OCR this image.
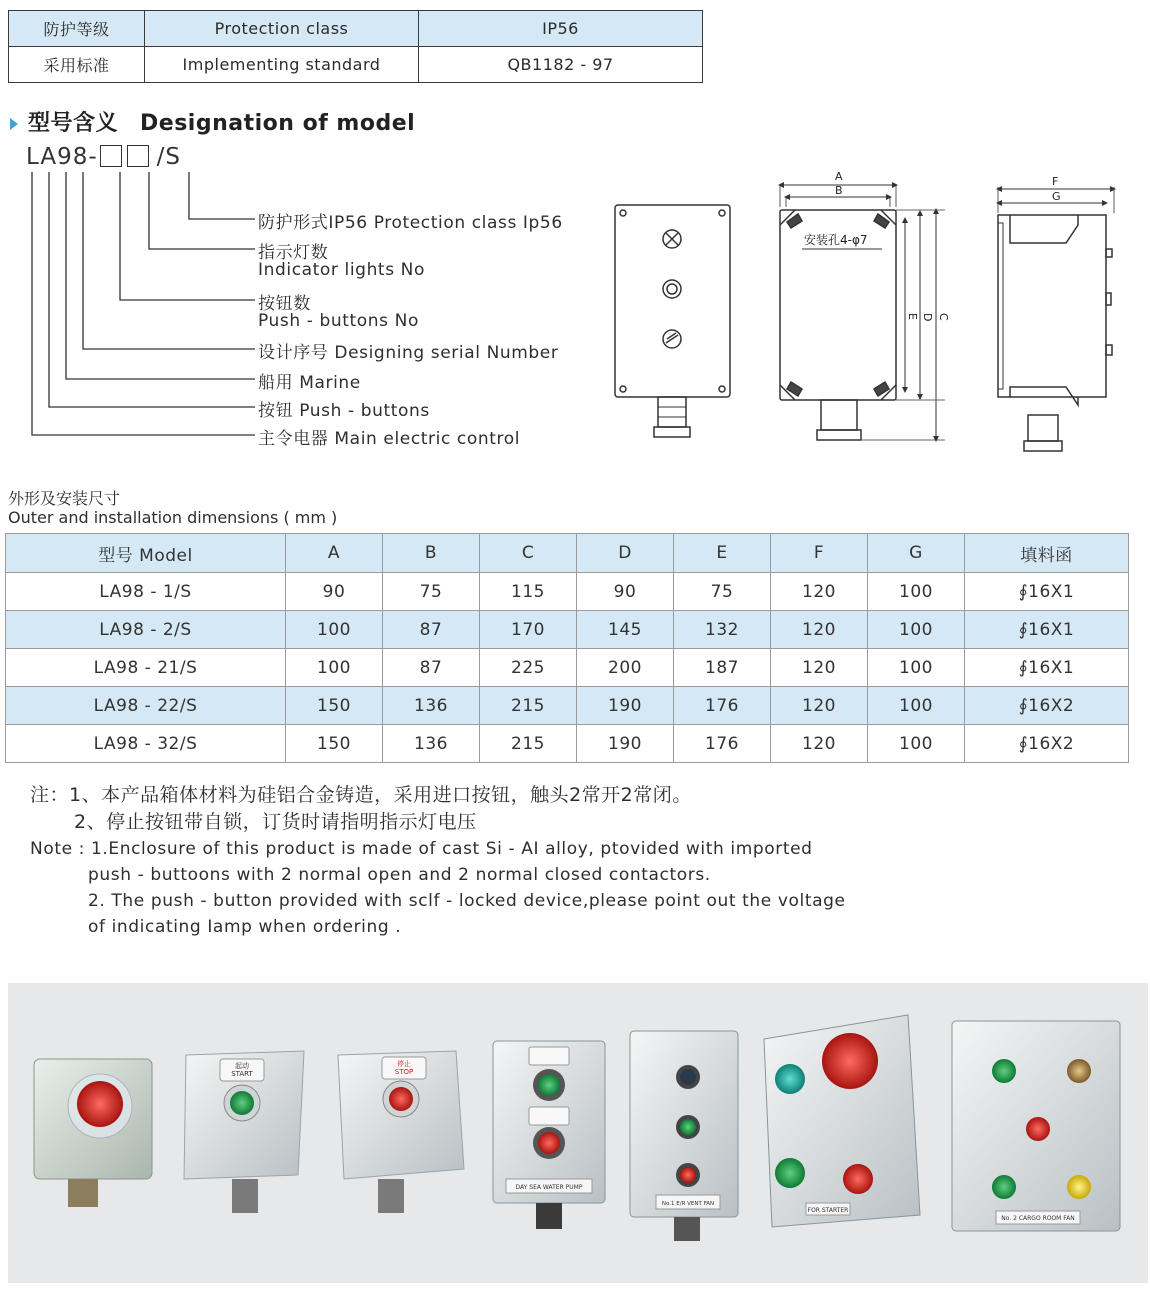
防护等级	Protection class	IP56
采用标准	Implementing standard	QB1182 - 97
型号含义 Designation of model
LA98-	/S
防护形式IP56 Protection class Ip56
指示灯数
Indicator lights No
按钮数
Push - buttons No
设计序号 Designing serial Number
船用 Marine
按钮 Push - buttons
主令电器 Main electric control
A
B
C
D
E
F
G
安装孔4-φ7
外形及安装尺寸
Outer and installation dimensions ( mm )
型号 Model	A	B	C	D	E	F	G	填料函
LA98 - 1/S	90	75	115	90	75	120	100	∮16X1
LA98 - 2/S	100	87	170	145	132	120	100	∮16X1
LA98 - 21/S	100	87	225	200	187	120	100	∮16X1
LA98 - 22/S	150	136	215	190	176	120	100	∮16X2
LA98 - 32/S	150	136	215	190	176	120	100	∮16X2
注：1、本产品箱体材料为硅铝合金铸造，采用进口按钮，触头2常开2常闭。
2、停止按钮带自锁，订货时请指明指示灯电压
Note : 1.Enclosure of this product is made of cast Si - AI alloy, ptovided with imported
push - buttoons with 2 normal open and 2 normal closed contactors.
2. The push - button provided with sclf - locked device,please point out the voltage
of indicating Iamp when ordering .
起动
START
停止
STOP
DAY SEA WATER PUMP
No.1 E/R VENT FAN
FOR STARTER
No. 2 CARGO ROOM FAN
